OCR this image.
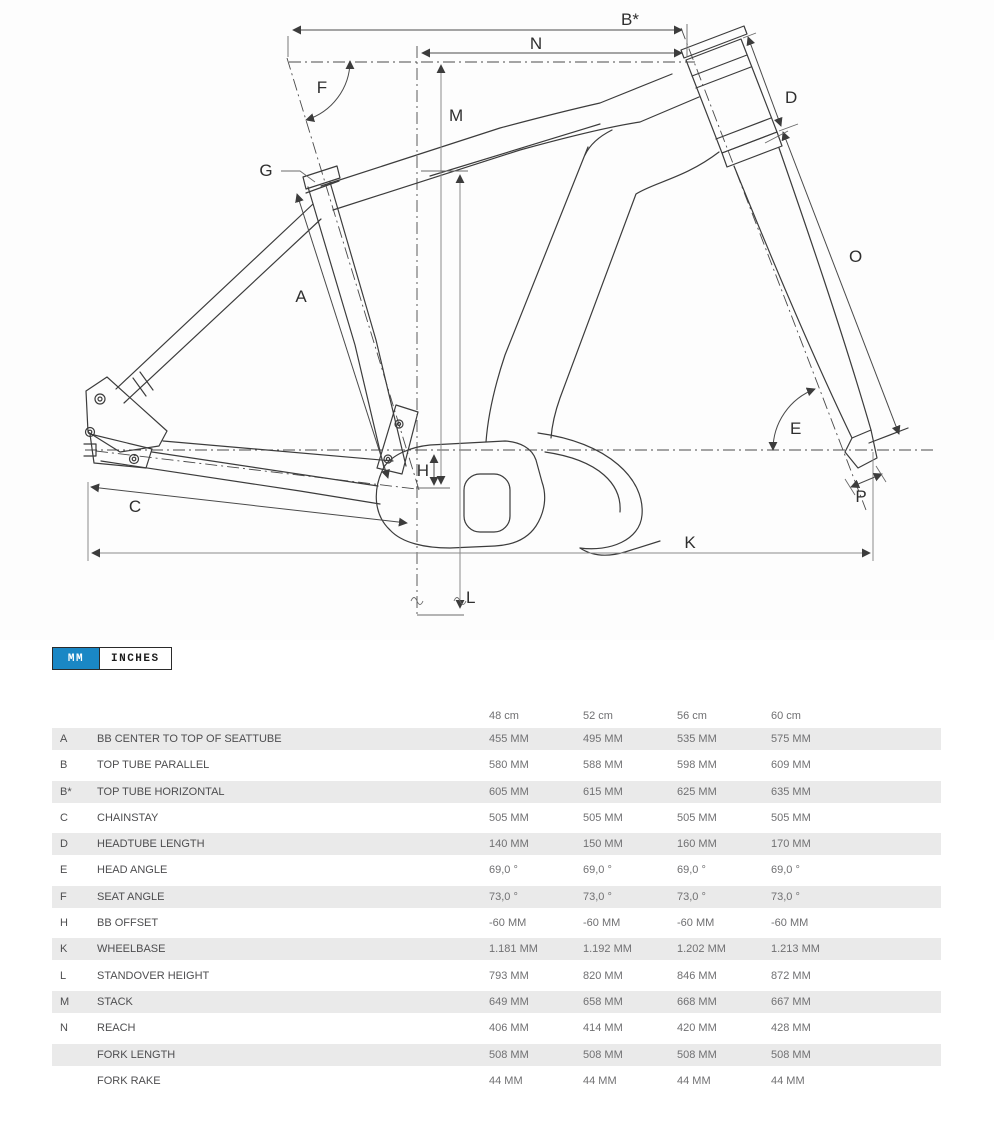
B*
N
F
M
G
A
D
O
E
H
C
K
L
P
MM	INCHES
48 cm	52 cm	56 cm	60 cm
A	BB CENTER TO TOP OF SEATTUBE	455 MM	495 MM	535 MM	575 MM
B	TOP TUBE PARALLEL	580 MM	588 MM	598 MM	609 MM
B*	TOP TUBE HORIZONTAL	605 MM	615 MM	625 MM	635 MM
C	CHAINSTAY	505 MM	505 MM	505 MM	505 MM
D	HEADTUBE LENGTH	140 MM	150 MM	160 MM	170 MM
E	HEAD ANGLE	69,0 °	69,0 °	69,0 °	69,0 °
F	SEAT ANGLE	73,0 °	73,0 °	73,0 °	73,0 °
H	BB OFFSET	-60 MM	-60 MM	-60 MM	-60 MM
K	WHEELBASE	1.181 MM	1.192 MM	1.202 MM	1.213 MM
L	STANDOVER HEIGHT	793 MM	820 MM	846 MM	872 MM
M	STACK	649 MM	658 MM	668 MM	667 MM
N	REACH	406 MM	414 MM	420 MM	428 MM
FORK LENGTH	508 MM	508 MM	508 MM	508 MM
FORK RAKE	44 MM	44 MM	44 MM	44 MM
